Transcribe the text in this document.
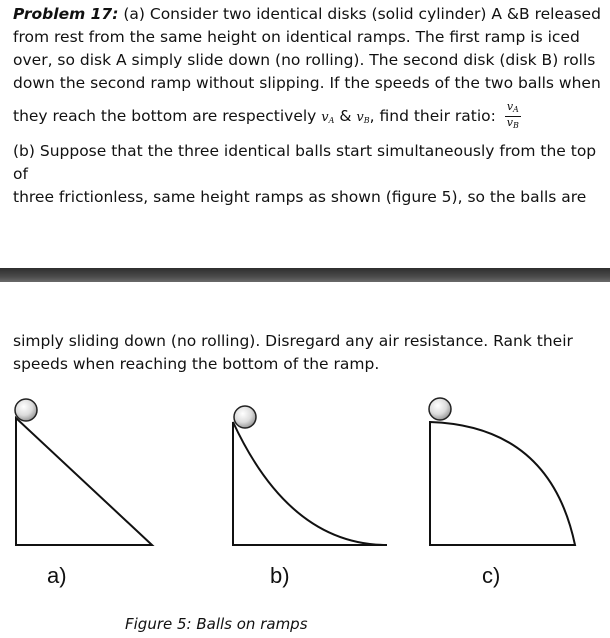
Problem 17: (a) Consider two identical disks (solid cylinder) A &B released
from rest from the same height on identical ramps. The first ramp is iced
over, so disk A simply slide down (no rolling). The second disk (disk B) rolls
down the second ramp without slipping. If the speeds of the two balls when
they reach the bottom are respectively $v_A$ & $v_B$, find their ratio: $\frac{v_A}{v_B}$
(b) Suppose that the three identical balls start simultaneously from the top of
three frictionless, same height ramps as shown (figure 5), so the balls are
simply sliding down (no rolling). Disregard any air resistance. Rank their
speeds when reaching the bottom of the ramp.
a)	b)	c)
Figure 5: Balls on ramps
